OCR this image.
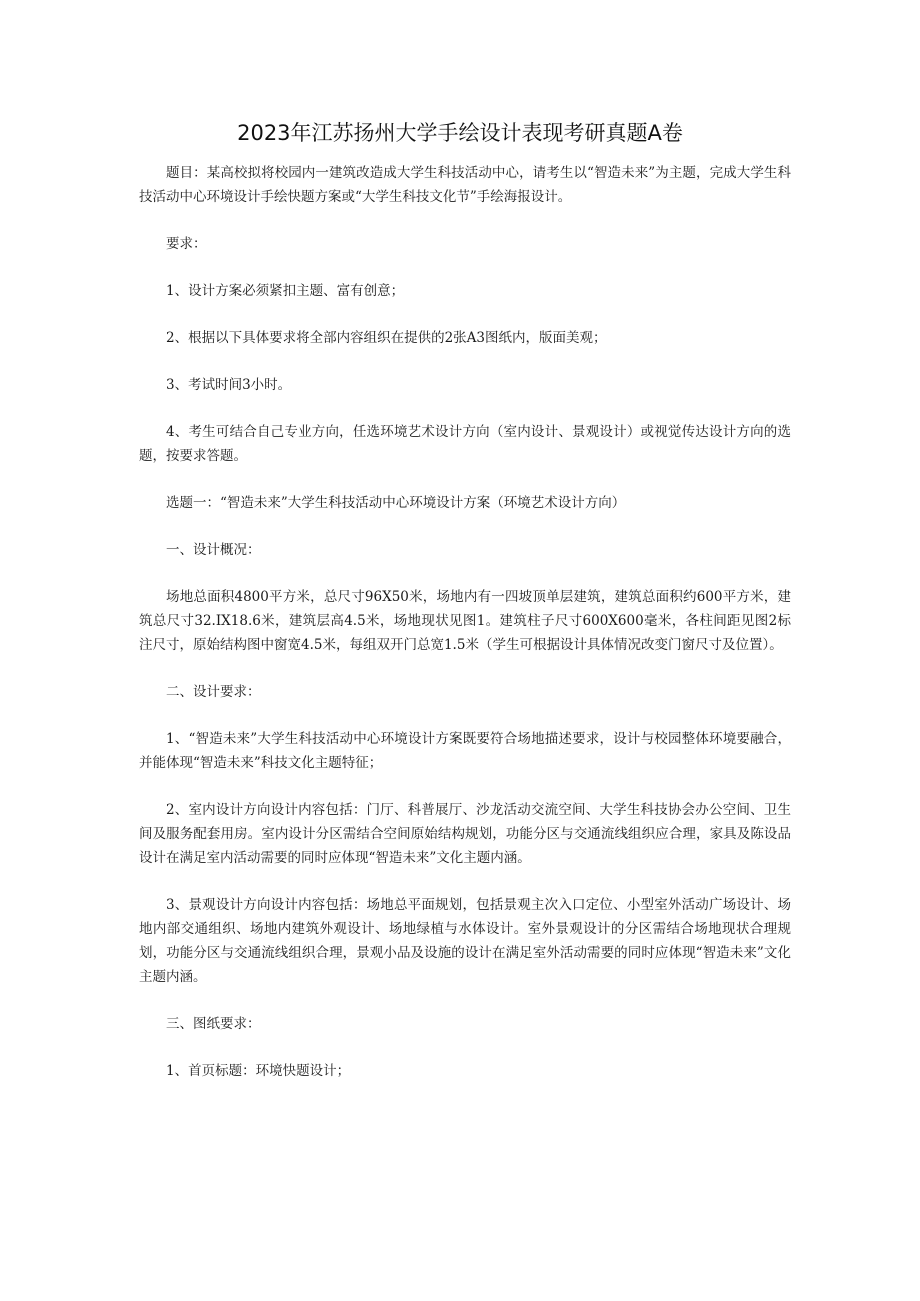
2023年江苏扬州大学手绘设计表现考研真题A卷

题目：某高校拟将校园内一建筑改造成大学生科技活动中心，请考生以“智造未来”为主题，完成大学生科技活动中心环境设计手绘快题方案或“大学生科技文化节”手绘海报设计。

要求：

1、设计方案必须紧扣主题、富有创意；

2、根据以下具体要求将全部内容组织在提供的2张A3图纸内，版面美观；

3、考试时间3小时。

4、考生可结合自己专业方向，任选环境艺术设计方向（室内设计、景观设计）或视觉传达设计方向的选题，按要求答题。

选题一：“智造未来”大学生科技活动中心环境设计方案（环境艺术设计方向）

一、设计概况：

场地总面积4800平方米，总尺寸96X50米，场地内有一四坡顶单层建筑，建筑总面积约600平方米，建筑总尺寸32.IX18.6米，建筑层高4.5米，场地现状见图1。建筑柱子尺寸600X600毫米，各柱间距见图2标注尺寸，原始结构图中窗宽4.5米，每组双开门总宽1.5米（学生可根据设计具体情况改变门窗尺寸及位置）。

二、设计要求：

1、“智造未来”大学生科技活动中心环境设计方案既要符合场地描述要求，设计与校园整体环境要融合，并能体现“智造未来”科技文化主题特征；

2、室内设计方向设计内容包括：门厅、科普展厅、沙龙活动交流空间、大学生科技协会办公空间、卫生间及服务配套用房。室内设计分区需结合空间原始结构规划，功能分区与交通流线组织应合理，家具及陈设品设计在满足室内活动需要的同时应体现“智造未来”文化主题内涵。

3、景观设计方向设计内容包括：场地总平面规划，包括景观主次入口定位、小型室外活动广场设计、场地内部交通组织、场地内建筑外观设计、场地绿植与水体设计。室外景观设计的分区需结合场地现状合理规划，功能分区与交通流线组织合理，景观小品及设施的设计在满足室外活动需要的同时应体现“智造未来”文化主题内涵。

三、图纸要求：

1、首页标题：环境快题设计；
